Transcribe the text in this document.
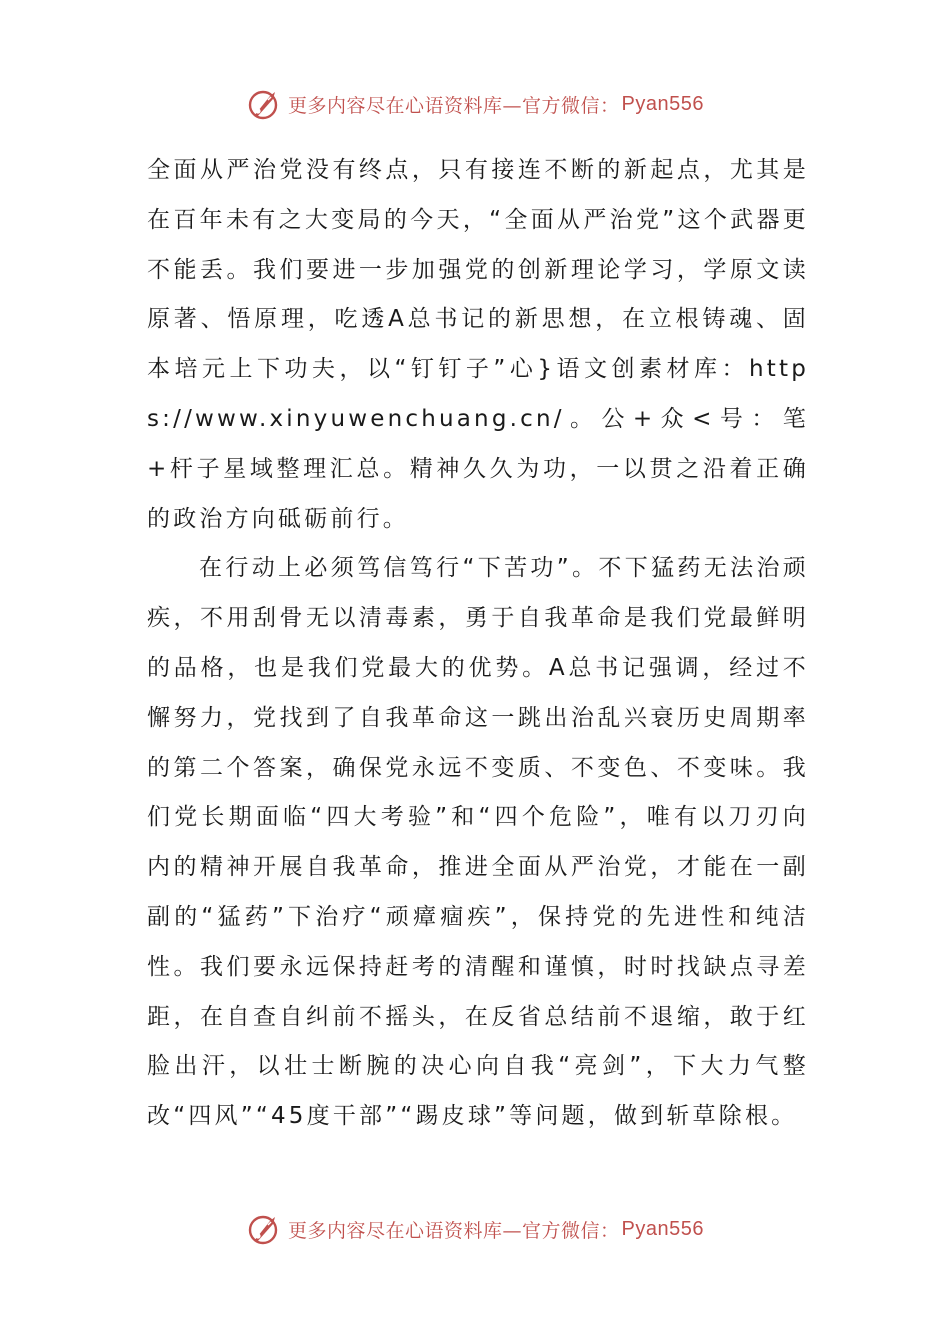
更多内容尽在心语资料库—官方微信： Pyan556

全面从严治党没有终点，只有接连不断的新起点，尤其是在百年未有之大变局的今天，“全面从严治党”这个武器更不能丢。我们要进一步加强党的创新理论学习，学原文读原著、悟原理，吃透A总书记的新思想，在立根铸魂、固本培元上下功夫，以“钉钉子”心}语文创素材库：https://www.xinyuwenchuang.cn/。公+众<号：笔+杆子星域整理汇总。精神久久为功，一以贯之沿着正确的政治方向砥砺前行。

在行动上必须笃信笃行“下苦功”。不下猛药无法治顽疾，不用刮骨无以清毒素，勇于自我革命是我们党最鲜明的品格，也是我们党最大的优势。A总书记强调，经过不懈努力，党找到了自我革命这一跳出治乱兴衰历史周期率的第二个答案，确保党永远不变质、不变色、不变味。我们党长期面临“四大考验”和“四个危险”，唯有以刀刃向内的精神开展自我革命，推进全面从严治党，才能在一副副的“猛药”下治疗“顽瘴痼疾”，保持党的先进性和纯洁性。我们要永远保持赶考的清醒和谨慎，时时找缺点寻差距，在自查自纠前不摇头，在反省总结前不退缩，敢于红脸出汗，以壮士断腕的决心向自我“亮剑”，下大力气整改“四风”“45度干部”“踢皮球”等问题，做到斩草除根。

更多内容尽在心语资料库—官方微信： Pyan556
